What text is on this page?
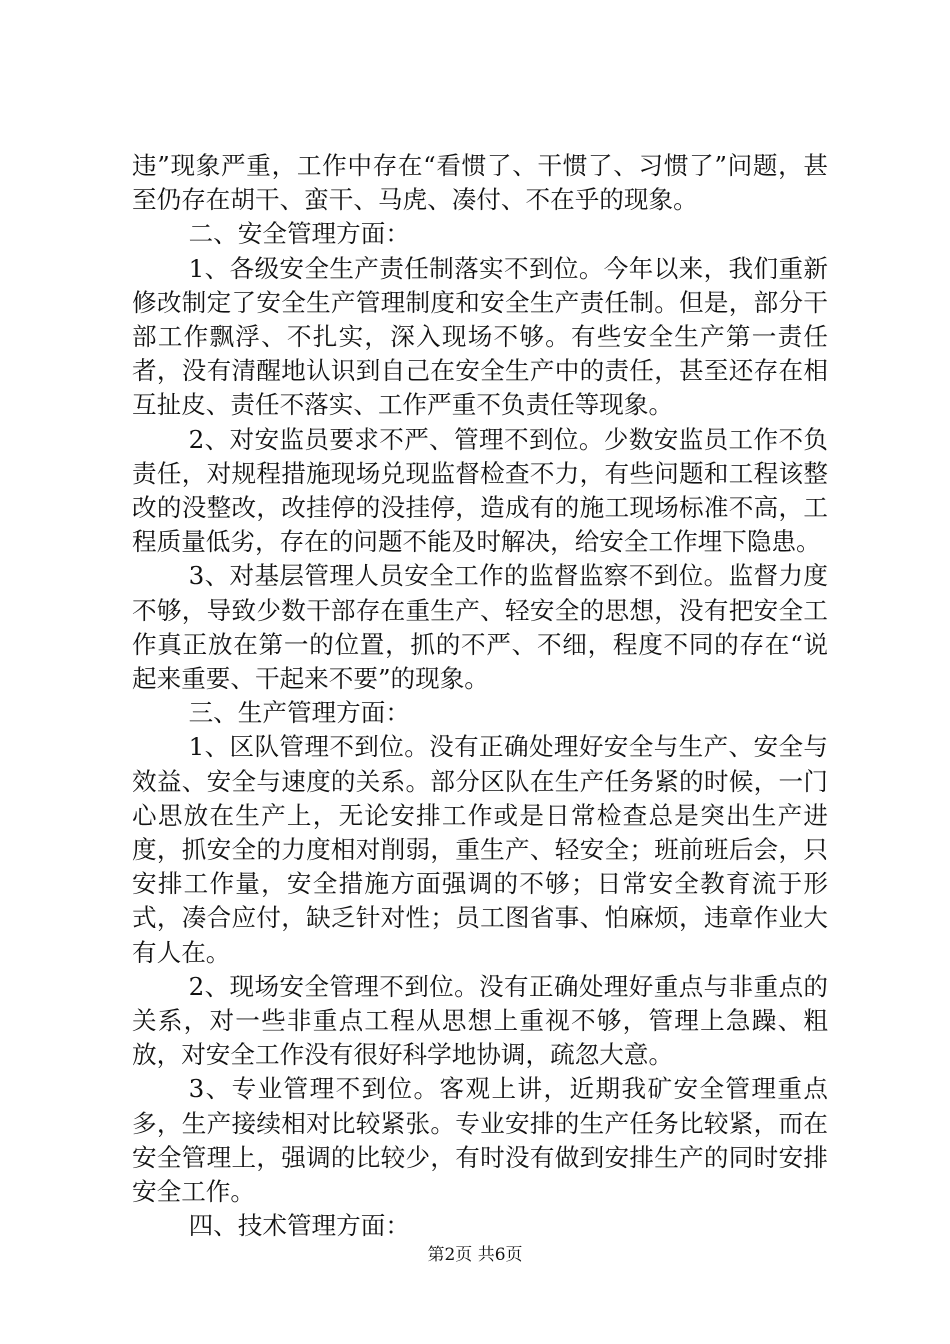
违”现象严重，工作中存在“看惯了、干惯了、习惯了”问题，甚至仍存在胡干、蛮干、马虎、凑付、不在乎的现象。

二、安全管理方面：

1、各级安全生产责任制落实不到位。今年以来，我们重新修改制定了安全生产管理制度和安全生产责任制。但是，部分干部工作飘浮、不扎实，深入现场不够。有些安全生产第一责任者，没有清醒地认识到自己在安全生产中的责任，甚至还存在相互扯皮、责任不落实、工作严重不负责任等现象。

2、对安监员要求不严、管理不到位。少数安监员工作不负责任，对规程措施现场兑现监督检查不力，有些问题和工程该整改的没整改，改挂停的没挂停，造成有的施工现场标准不高，工程质量低劣，存在的问题不能及时解决，给安全工作埋下隐患。

3、对基层管理人员安全工作的监督监察不到位。监督力度不够，导致少数干部存在重生产、轻安全的思想，没有把安全工作真正放在第一的位置，抓的不严、不细，程度不同的存在“说起来重要、干起来不要”的现象。

三、生产管理方面：

1、区队管理不到位。没有正确处理好安全与生产、安全与效益、安全与速度的关系。部分区队在生产任务紧的时候，一门心思放在生产上，无论安排工作或是日常检查总是突出生产进度，抓安全的力度相对削弱，重生产、轻安全；班前班后会，只安排工作量，安全措施方面强调的不够；日常安全教育流于形式，凑合应付，缺乏针对性；员工图省事、怕麻烦，违章作业大有人在。

2、现场安全管理不到位。没有正确处理好重点与非重点的关系，对一些非重点工程从思想上重视不够，管理上急躁、粗放，对安全工作没有很好科学地协调，疏忽大意。

3、专业管理不到位。客观上讲，近期我矿安全管理重点多，生产接续相对比较紧张。专业安排的生产任务比较紧，而在安全管理上，强调的比较少，有时没有做到安排生产的同时安排安全工作。

四、技术管理方面：

第2页 共6页
